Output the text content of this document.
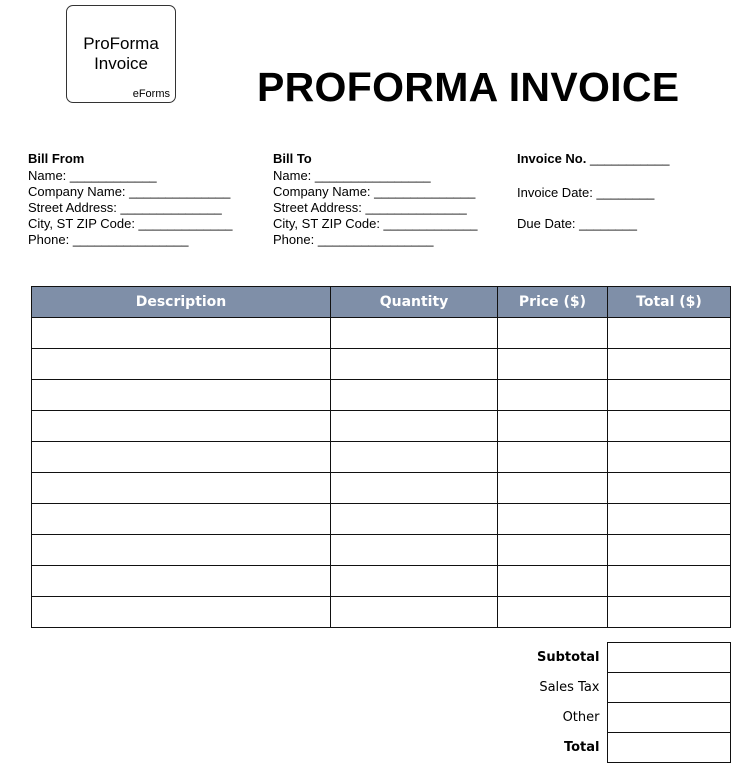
ProForma
Invoice
eForms PROFORMA INVOICE
Bill From
Name: ____________
Company Name: ______________
Street Address: ______________
City, ST ZIP Code: _____________
Phone: ________________
Bill To
Name: ________________
Company Name: ______________
Street Address: ______________
City, ST ZIP Code: _____________
Phone: ________________
Invoice No. ___________
Invoice Date: ________
Due Date: ________
Description	Quantity	Price ($)	Total ($)

Subtotal	
Sales Tax	
Other	
Total	
